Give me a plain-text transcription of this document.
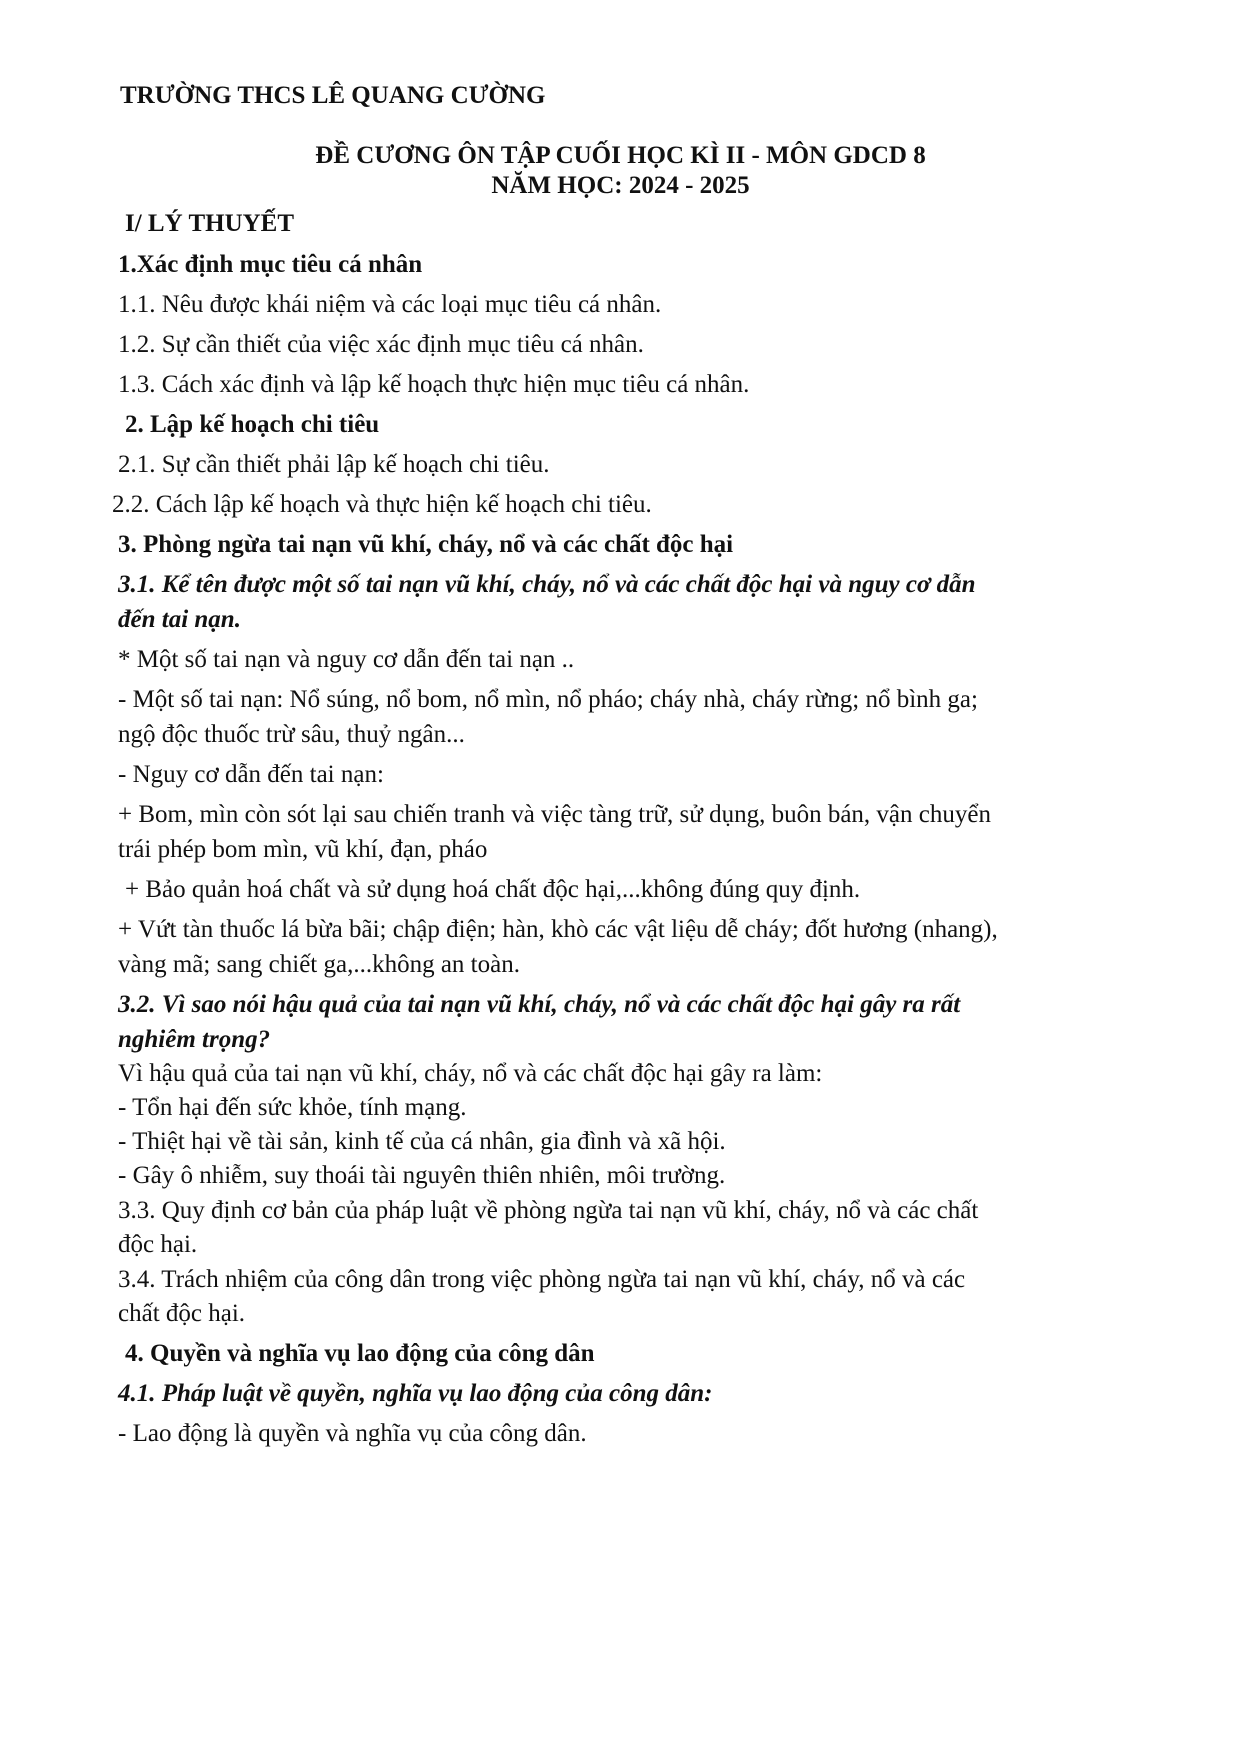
TRƯỜNG THCS LÊ QUANG CƯỜNG
ĐỀ CƯƠNG ÔN TẬP CUỐI HỌC KÌ II - MÔN GDCD 8
NĂM HỌC: 2024 - 2025
I/ LÝ THUYẾT
1.Xác định mục tiêu cá nhân
1.1. Nêu được khái niệm và các loại mục tiêu cá nhân.
1.2. Sự cần thiết của việc xác định mục tiêu cá nhân.
1.3. Cách xác định và lập kế hoạch thực hiện mục tiêu cá nhân.
2. Lập kế hoạch chi tiêu
2.1. Sự cần thiết phải lập kế hoạch chi tiêu.
2.2. Cách lập kế hoạch và thực hiện kế hoạch chi tiêu.
3. Phòng ngừa tai nạn vũ khí, cháy, nổ và các chất độc hại
3.1. Kể tên được một số tai nạn vũ khí, cháy, nổ và các chất độc hại và nguy cơ dẫn
đến tai nạn.
* Một số tai nạn và nguy cơ dẫn đến tai nạn ..
- Một số tai nạn: Nổ súng, nổ bom, nổ mìn, nổ pháo; cháy nhà, cháy rừng; nổ bình ga;
ngộ độc thuốc trừ sâu, thuỷ ngân...
- Nguy cơ dẫn đến tai nạn:
+ Bom, mìn còn sót lại sau chiến tranh và việc tàng trữ, sử dụng, buôn bán, vận chuyển
trái phép bom mìn, vũ khí, đạn, pháo
+ Bảo quản hoá chất và sử dụng hoá chất độc hại,...không đúng quy định.
+ Vứt tàn thuốc lá bừa bãi; chập điện; hàn, khò các vật liệu dễ cháy; đốt hương (nhang),
vàng mã; sang chiết ga,...không an toàn.
3.2. Vì sao nói hậu quả của tai nạn vũ khí, cháy, nổ và các chất độc hại gây ra rất
nghiêm trọng?
Vì hậu quả của tai nạn vũ khí, cháy, nổ và các chất độc hại gây ra làm:
- Tổn hại đến sức khỏe, tính mạng.
- Thiệt hại về tài sản, kinh tế của cá nhân, gia đình và xã hội.
- Gây ô nhiễm, suy thoái tài nguyên thiên nhiên, môi trường.
3.3. Quy định cơ bản của pháp luật về phòng ngừa tai nạn vũ khí, cháy, nổ và các chất
độc hại.
3.4. Trách nhiệm của công dân trong việc phòng ngừa tai nạn vũ khí, cháy, nổ và các
chất độc hại.
4. Quyền và nghĩa vụ lao động của công dân
4.1. Pháp luật về quyền, nghĩa vụ lao động của công dân:
- Lao động là quyền và nghĩa vụ của công dân.
